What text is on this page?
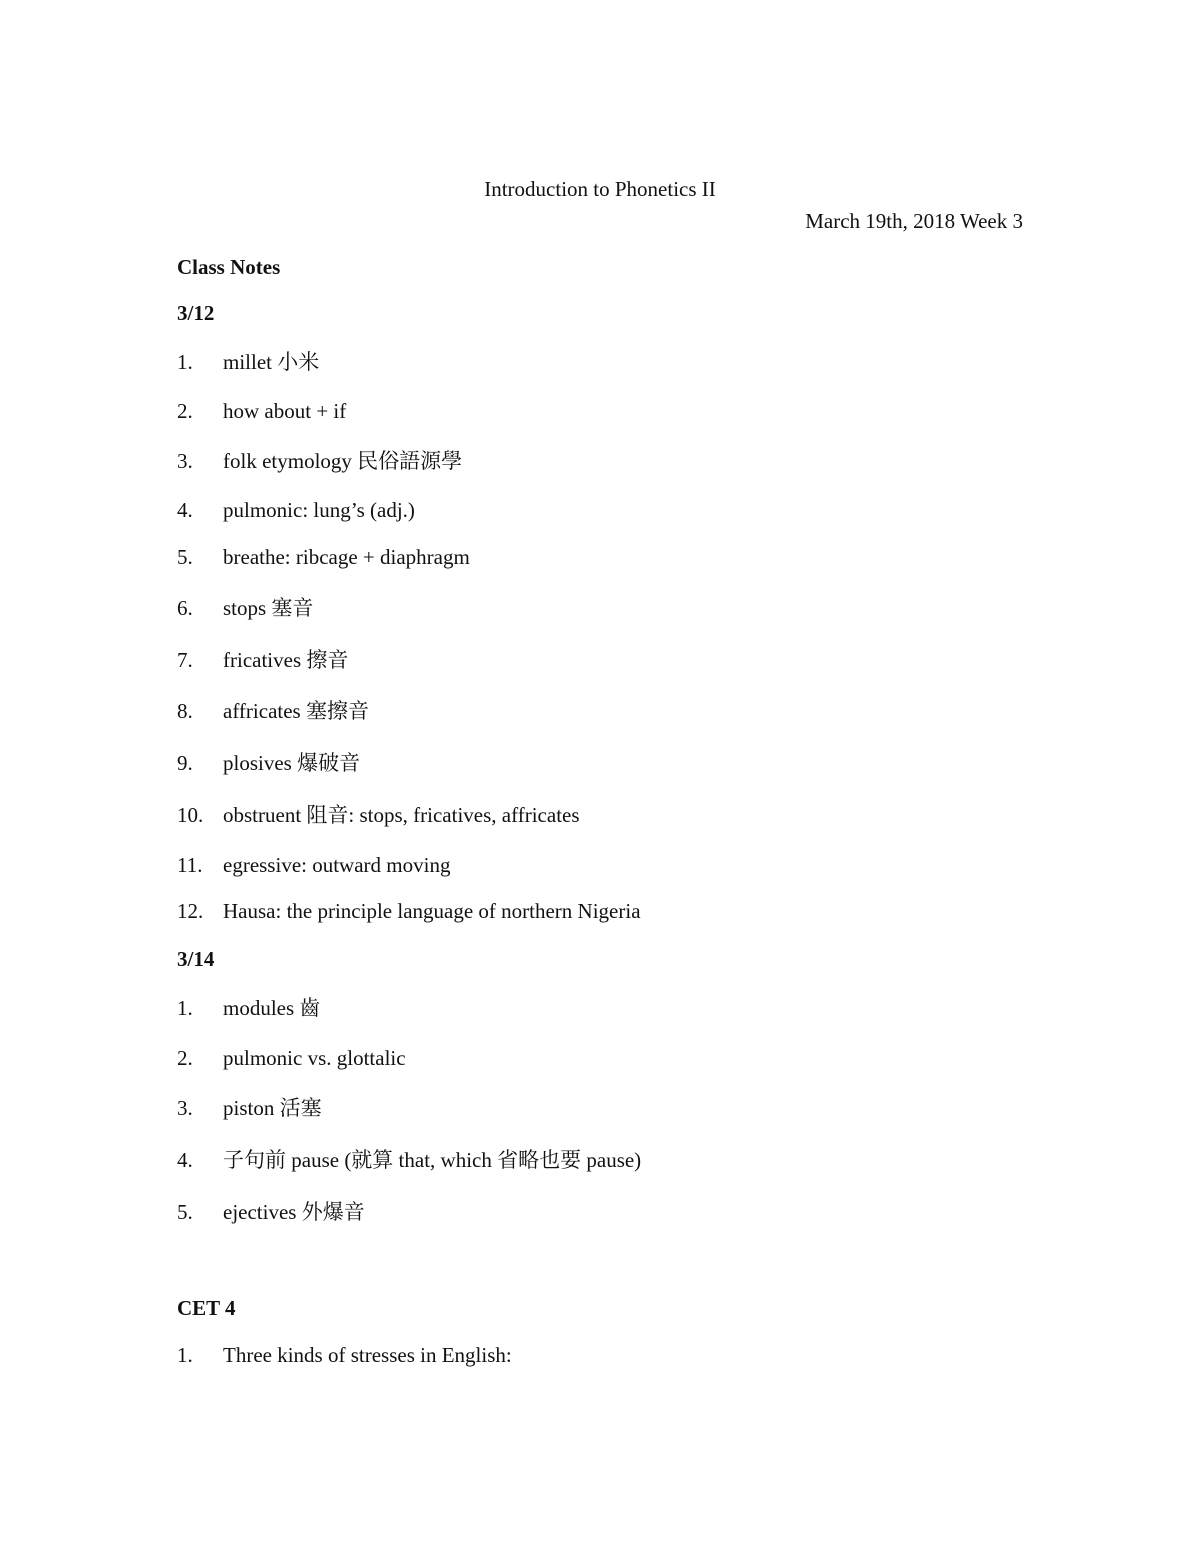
Introduction to Phonetics II
March 19th, 2018 Week 3
Class Notes
3/12
1. millet 小米
2. how about + if
3. folk etymology 民俗語源學
4. pulmonic: lung’s (adj.)
5. breathe: ribcage + diaphragm
6. stops 塞音
7. fricatives 擦音
8. affricates 塞擦音
9. plosives 爆破音
10. obstruent 阻音: stops, fricatives, affricates
11. egressive: outward moving
12. Hausa: the principle language of northern Nigeria
3/14
1. modules 齒
2. pulmonic vs. glottalic
3. piston 活塞
4. 子句前 pause (就算 that, which 省略也要 pause)
5. ejectives 外爆音
CET 4
1. Three kinds of stresses in English:
